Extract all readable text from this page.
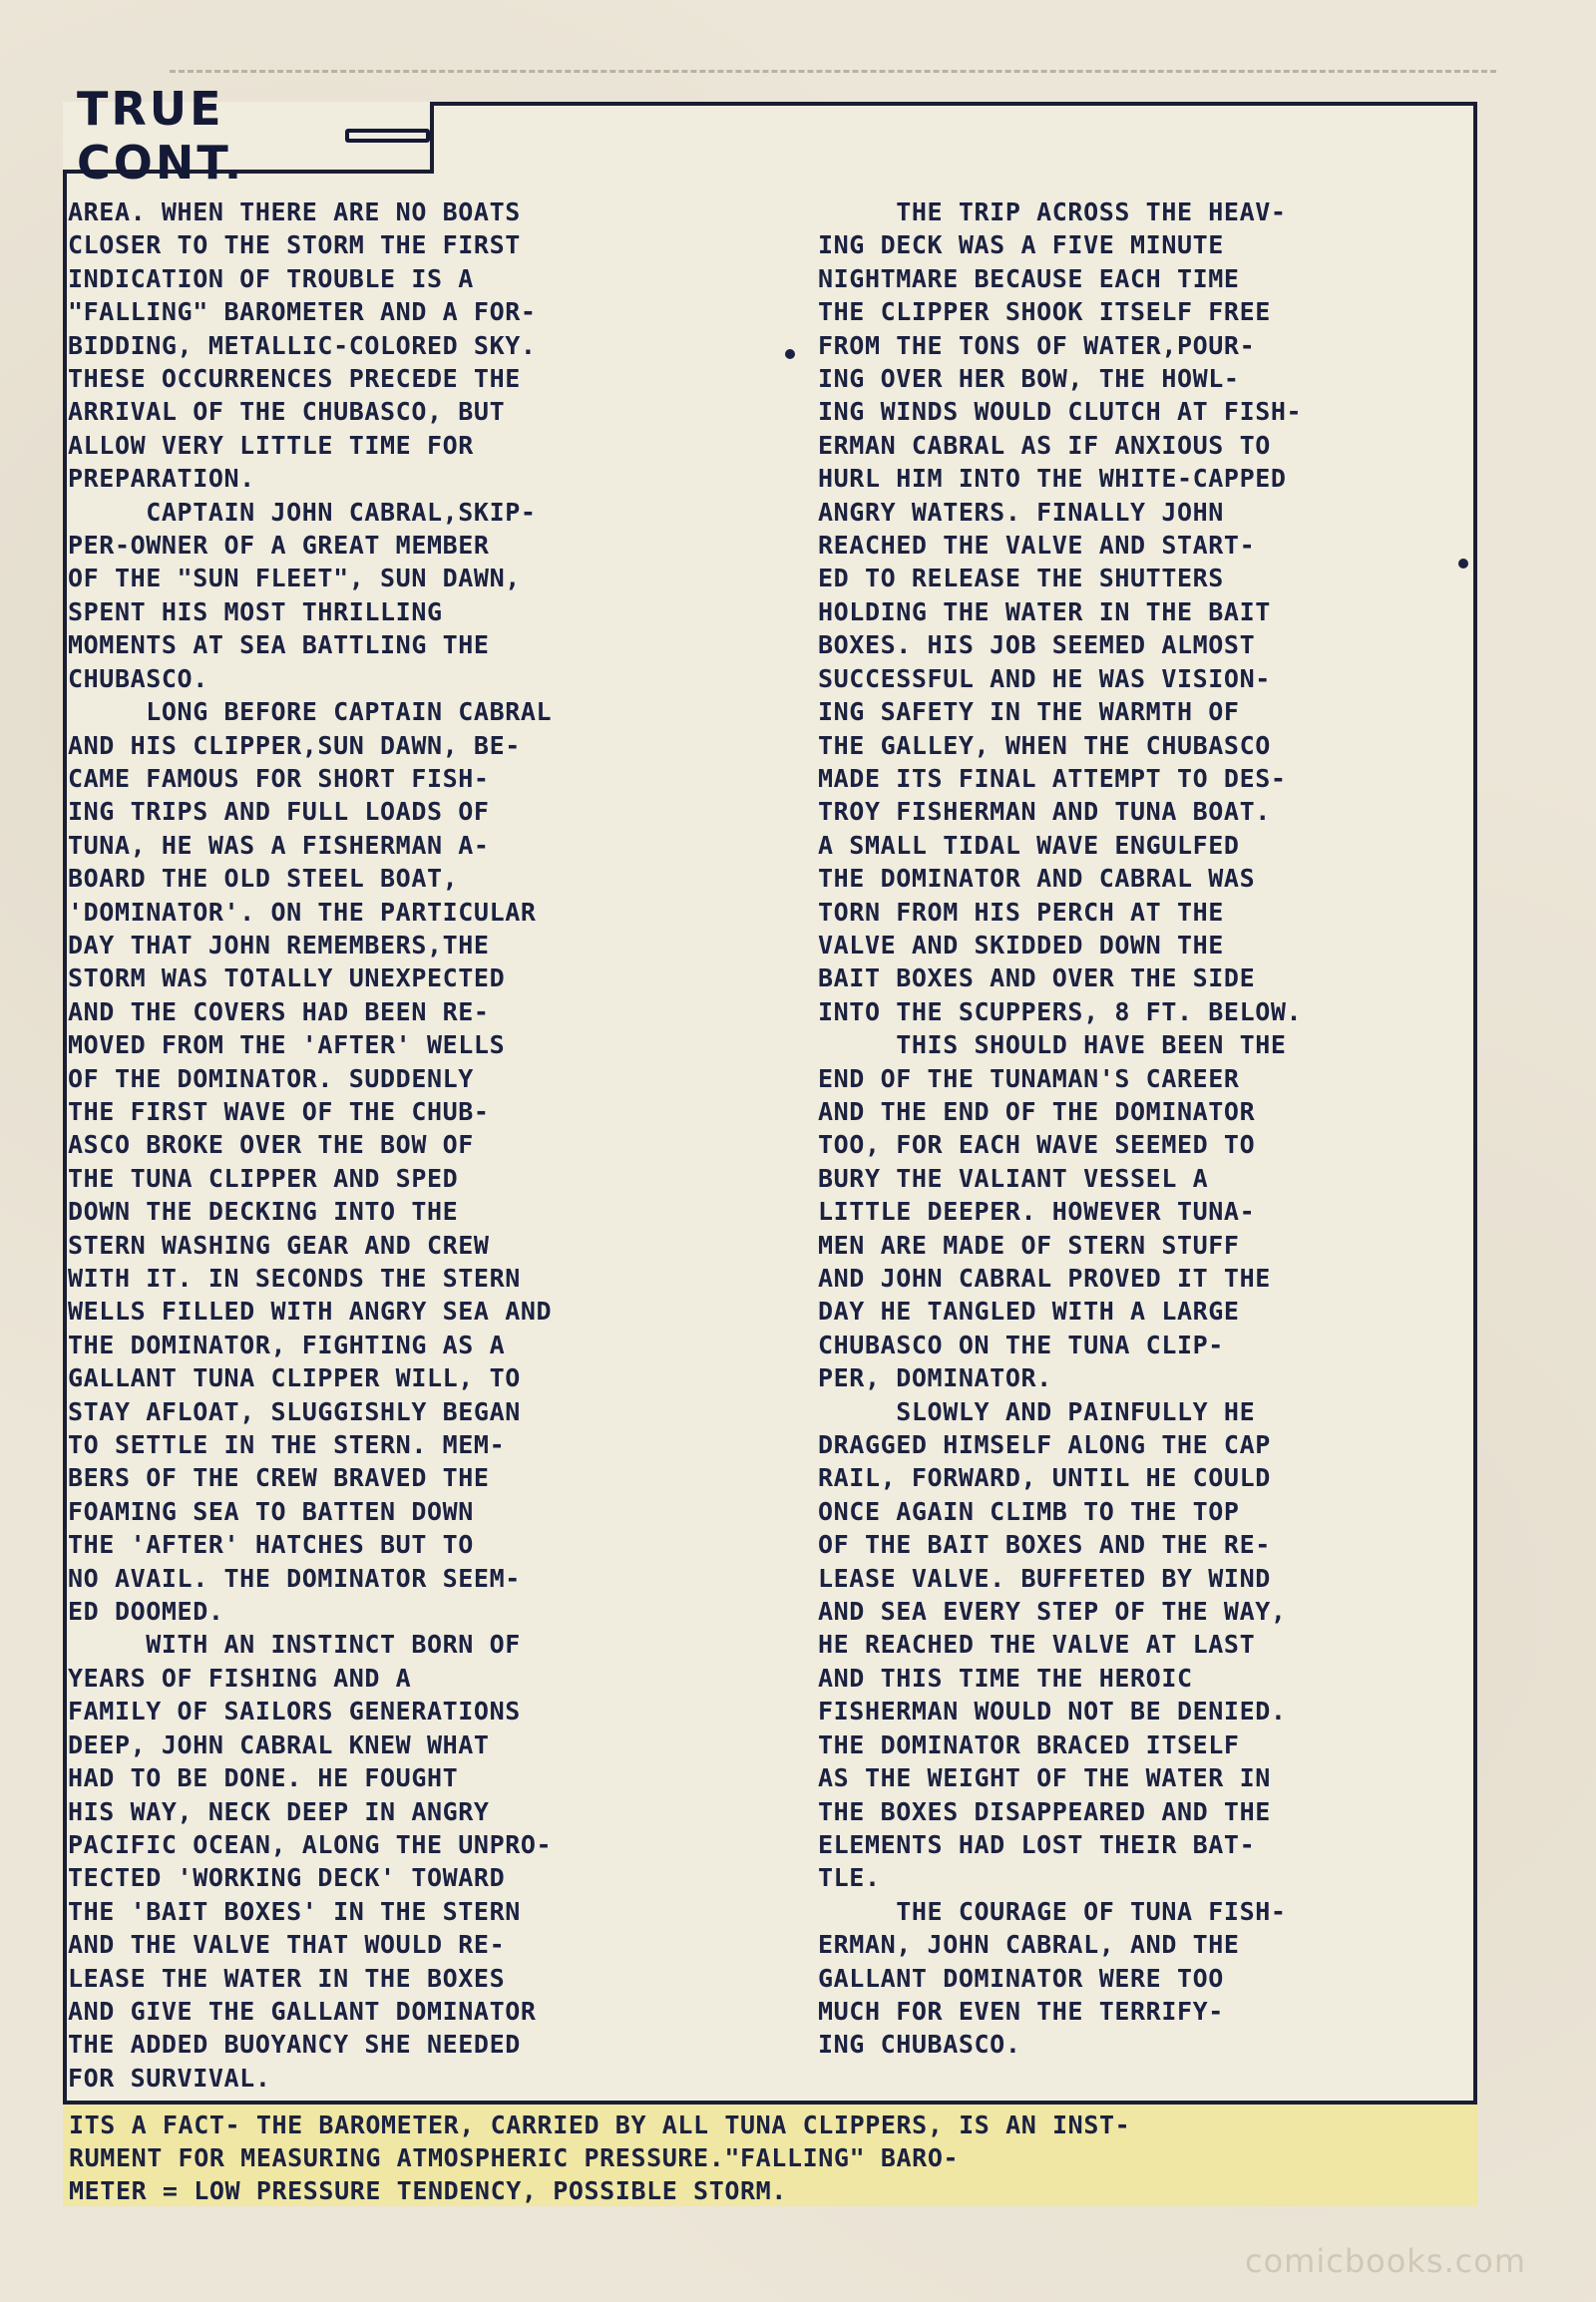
TRUE CONT.

AREA. WHEN THERE ARE NO BOATS

CLOSER TO THE STORM THE FIRST

INDICATION OF TROUBLE IS A

"FALLING" BAROMETER AND A FOR-

BIDDING, METALLIC-COLORED SKY.

THESE OCCURRENCES PRECEDE THE

ARRIVAL OF THE CHUBASCO, BUT

ALLOW VERY LITTLE TIME FOR

PREPARATION.

CAPTAIN JOHN CABRAL,SKIP-

PER-OWNER OF A GREAT MEMBER

OF THE "SUN FLEET", SUN DAWN,

SPENT HIS MOST THRILLING

MOMENTS AT SEA BATTLING THE

CHUBASCO.

LONG BEFORE CAPTAIN CABRAL

AND HIS CLIPPER,SUN DAWN, BE-

CAME FAMOUS FOR SHORT FISH-

ING TRIPS AND FULL LOADS OF

TUNA, HE WAS A FISHERMAN A-

BOARD THE OLD STEEL BOAT,

'DOMINATOR'. ON THE PARTICULAR

DAY THAT JOHN REMEMBERS,THE

STORM WAS TOTALLY UNEXPECTED

AND THE COVERS HAD BEEN RE-

MOVED FROM THE 'AFTER' WELLS

OF THE DOMINATOR. SUDDENLY

THE FIRST WAVE OF THE CHUB-

ASCO BROKE OVER THE BOW OF

THE TUNA CLIPPER AND SPED

DOWN THE DECKING INTO THE

STERN WASHING GEAR AND CREW

WITH IT. IN SECONDS THE STERN

WELLS FILLED WITH ANGRY SEA AND

THE DOMINATOR, FIGHTING AS A

GALLANT TUNA CLIPPER WILL, TO

STAY AFLOAT, SLUGGISHLY BEGAN

TO SETTLE IN THE STERN. MEM-

BERS OF THE CREW BRAVED THE

FOAMING SEA TO BATTEN DOWN

THE 'AFTER' HATCHES BUT TO

NO AVAIL. THE DOMINATOR SEEM-

ED DOOMED.

WITH AN INSTINCT BORN OF

YEARS OF FISHING AND A

FAMILY OF SAILORS GENERATIONS

DEEP, JOHN CABRAL KNEW WHAT

HAD TO BE DONE. HE FOUGHT

HIS WAY, NECK DEEP IN ANGRY

PACIFIC OCEAN, ALONG THE UNPRO-

TECTED 'WORKING DECK' TOWARD

THE 'BAIT BOXES' IN THE STERN

AND THE VALVE THAT WOULD RE-

LEASE THE WATER IN THE BOXES

AND GIVE THE GALLANT DOMINATOR

THE ADDED BUOYANCY SHE NEEDED

FOR SURVIVAL.

THE TRIP ACROSS THE HEAV-

ING DECK WAS A FIVE MINUTE

NIGHTMARE BECAUSE EACH TIME

THE CLIPPER SHOOK ITSELF FREE

FROM THE TONS OF WATER,POUR-

ING OVER HER BOW, THE HOWL-

ING WINDS WOULD CLUTCH AT FISH-

ERMAN CABRAL AS IF ANXIOUS TO

HURL HIM INTO THE WHITE-CAPPED

ANGRY WATERS. FINALLY JOHN

REACHED THE VALVE AND START-

ED TO RELEASE THE SHUTTERS

HOLDING THE WATER IN THE BAIT

BOXES. HIS JOB SEEMED ALMOST

SUCCESSFUL AND HE WAS VISION-

ING SAFETY IN THE WARMTH OF

THE GALLEY, WHEN THE CHUBASCO

MADE ITS FINAL ATTEMPT TO DES-

TROY FISHERMAN AND TUNA BOAT.

A SMALL TIDAL WAVE ENGULFED

THE DOMINATOR AND CABRAL WAS

TORN FROM HIS PERCH AT THE

VALVE AND SKIDDED DOWN THE

BAIT BOXES AND OVER THE SIDE

INTO THE SCUPPERS, 8 FT. BELOW.

THIS SHOULD HAVE BEEN THE

END OF THE TUNAMAN'S CAREER

AND THE END OF THE DOMINATOR

TOO, FOR EACH WAVE SEEMED TO

BURY THE VALIANT VESSEL A

LITTLE DEEPER. HOWEVER TUNA-

MEN ARE MADE OF STERN STUFF

AND JOHN CABRAL PROVED IT THE

DAY HE TANGLED WITH A LARGE

CHUBASCO ON THE TUNA CLIP-

PER, DOMINATOR.

SLOWLY AND PAINFULLY HE

DRAGGED HIMSELF ALONG THE CAP

RAIL, FORWARD, UNTIL HE COULD

ONCE AGAIN CLIMB TO THE TOP

OF THE BAIT BOXES AND THE RE-

LEASE VALVE. BUFFETED BY WIND

AND SEA EVERY STEP OF THE WAY,

HE REACHED THE VALVE AT LAST

AND THIS TIME THE HEROIC

FISHERMAN WOULD NOT BE DENIED.

THE DOMINATOR BRACED ITSELF

AS THE WEIGHT OF THE WATER IN

THE BOXES DISAPPEARED AND THE

ELEMENTS HAD LOST THEIR BAT-

TLE.

THE COURAGE OF TUNA FISH-

ERMAN, JOHN CABRAL, AND THE

GALLANT DOMINATOR WERE TOO

MUCH FOR EVEN THE TERRIFY-

ING CHUBASCO.

ITS A FACT- THE BAROMETER, CARRIED BY ALL TUNA CLIPPERS, IS AN INST-

RUMENT FOR MEASURING ATMOSPHERIC PRESSURE."FALLING" BARO-

METER = LOW PRESSURE TENDENCY, POSSIBLE STORM.

comicbooks.com
